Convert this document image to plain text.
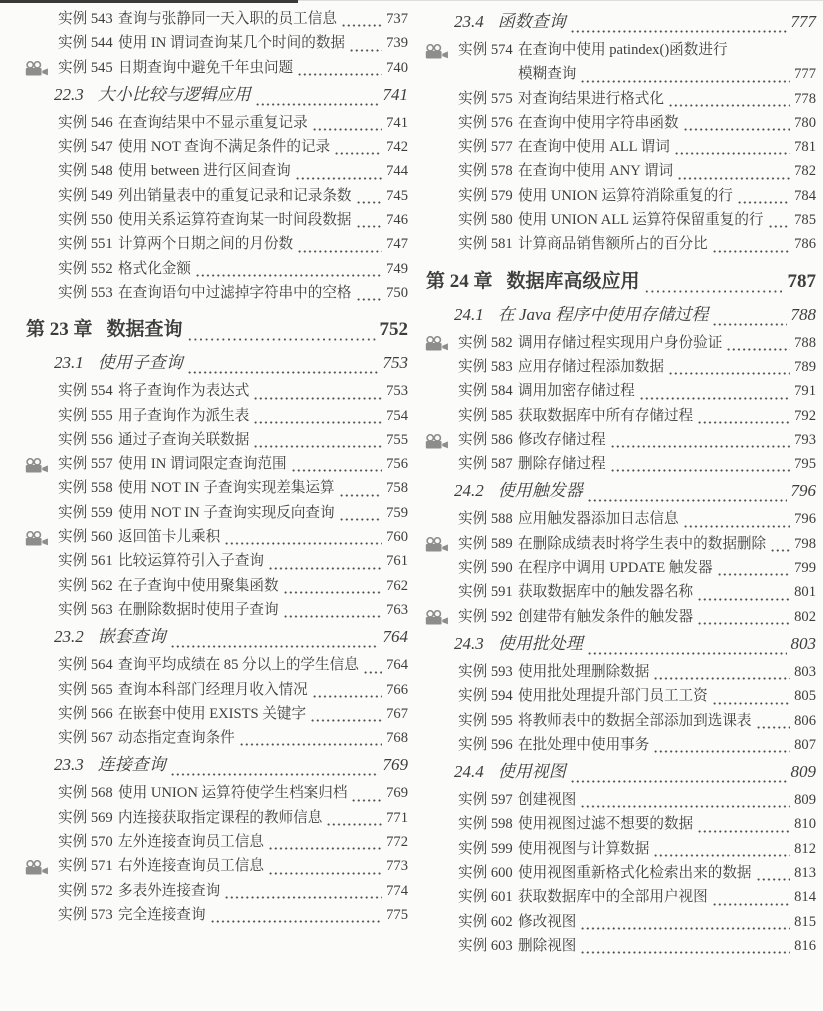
实例 543 查询与张静同一天入职的员工信息	737
实例 544 使用 IN 谓词查询某几个时间的数据	739
实例 545 日期查询中避免千年虫问题	740
22.3 大小比较与逻辑应用	741
实例 546 在查询结果中不显示重复记录	741
实例 547 使用 NOT 查询不满足条件的记录	742
实例 548 使用 between 进行区间查询	744
实例 549 列出销量表中的重复记录和记录条数 745
实例 550 使用关系运算符查询某一时间段数据 746
实例 551 计算两个日期之间的月份数	747
实例 552 格式化金额	749
实例 553 在查询语句中过滤掉字符串中的空格 750
第 23 章 数据查询	752
23.1 使用子查询	753
实例 554 将子查询作为表达式	753
实例 555 用子查询作为派生表	754
实例 556 通过子查询关联数据	755
实例 557 使用 IN 谓词限定查询范围	756
实例 558 使用 NOT IN 子查询实现差集运算	758
实例 559 使用 NOT IN 子查询实现反向查询	759
实例 560 返回笛卡儿乘积	760
实例 561 比较运算符引入子查询	761
实例 562 在子查询中使用聚集函数	762
实例 563 在删除数据时使用子查询	763
23.2 嵌套查询	764
实例 564 查询平均成绩在 85 分以上的学生信息 764
实例 565 查询本科部门经理月收入情况	766
实例 566 在嵌套中使用 EXISTS 关键字	767
实例 567 动态指定查询条件	768
23.3 连接查询	769
实例 568 使用 UNION 运算符使学生档案归档	769
实例 569 内连接获取指定课程的教师信息	771
实例 570 左外连接查询员工信息	772
实例 571 右外连接查询员工信息	773
实例 572 多表外连接查询	774
实例 573 完全连接查询	775
23.4 函数查询	777
实例 574 在查询中使用 patindex()函数进行
模糊查询	777
实例 575 对查询结果进行格式化	778
实例 576 在查询中使用字符串函数	780
实例 577 在查询中使用 ALL 谓词	781
实例 578 在查询中使用 ANY 谓词	782
实例 579 使用 UNION 运算符消除重复的行	784
实例 580 使用 UNION ALL 运算符保留重复的行 785
实例 581 计算商品销售额所占的百分比	786
第 24 章 数据库高级应用	787
24.1 在 Java 程序中使用存储过程	788
实例 582 调用存储过程实现用户身份验证	788
实例 583 应用存储过程添加数据	789
实例 584 调用加密存储过程	791
实例 585 获取数据库中所有存储过程	792
实例 586 修改存储过程	793
实例 587 删除存储过程	795
24.2 使用触发器	796
实例 588 应用触发器添加日志信息	796
实例 589 在删除成绩表时将学生表中的数据删除 798
实例 590 在程序中调用 UPDATE 触发器	799
实例 591 获取数据库中的触发器名称	801
实例 592 创建带有触发条件的触发器	802
24.3 使用批处理	803
实例 593 使用批处理删除数据	803
实例 594 使用批处理提升部门员工工资	805
实例 595 将教师表中的数据全部添加到选课表	806
实例 596 在批处理中使用事务	807
24.4 使用视图	809
实例 597 创建视图	809
实例 598 使用视图过滤不想要的数据	810
实例 599 使用视图与计算数据	812
实例 600 使用视图重新格式化检索出来的数据	813
实例 601 获取数据库中的全部用户视图	814
实例 602 修改视图	815
实例 603 删除视图	816
